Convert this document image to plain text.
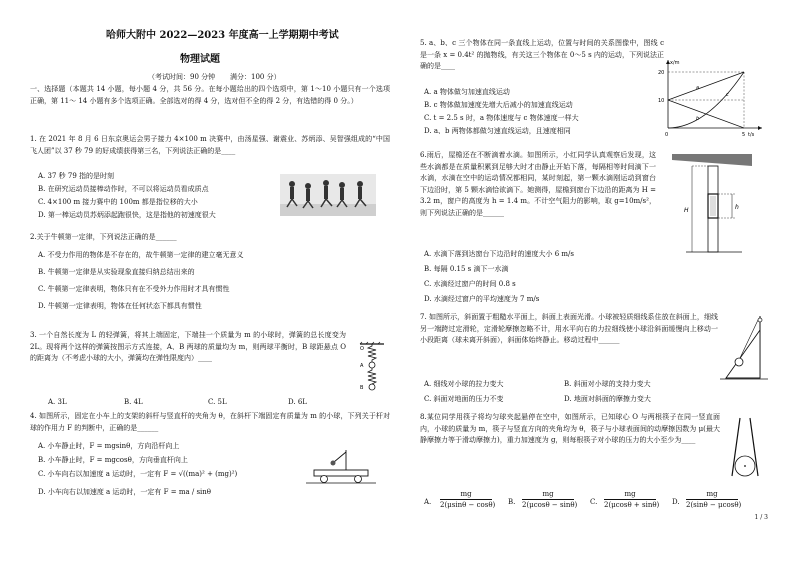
哈师大附中 2022—2023 年度高一上学期期中考试
物理试题
（考试时间：90 分钟 满分：100 分）
一、选择题（本题共 14 小题，每小题 4 分，共 56 分。在每小题给出的四个选项中，第 1～10 小题只有一个选项正确，第 11～ 14 小题有多个选项正确。全部选对的得 4 分，选对但不全的得 2 分，有选错的得 0 分。）
1. 在 2021 年 8 月 6 日东京奥运会男子接力 4×100 m 决赛中，由汤星强、谢震业、苏炳添、吴智强组成的“中国飞人团”以 37 秒 79 的好成绩获得第三名，下列说法正确的是____
A. 37 秒 79 指的是时刻
B. 在研究运动员接棒动作时，不可以将运动员看成质点
C. 4×100 m 接力赛中的 100m 都是指位移的大小
D. 第一棒运动员苏炳添起跑很快，这是指他的初速度很大
2.关于牛顿第一定律，下列说法正确的是______
A. 不受力作用的物体是不存在的，故牛顿第一定律的建立毫无意义
B. 牛顿第一定律是从实验现象直接归纳总结出来的
C. 牛顿第一定律表明，物体只有在不受外力作用时才具有惯性
D. 牛顿第一定律表明，物体在任何状态下都具有惯性
3. 一个自然长度为 L 的轻弹簧，将其上端固定，下端挂一个质量为 m 的小球时，弹簧的总长度变为 2L。现将两个这样的弹簧按图示方式连接，A、B 两球的质量均为 m，则两球平衡时，B 球距悬点 O 的距离为（不考虑小球的大小，弹簧均在弹性限度内）____
A. 3L	B. 4L	C. 5L	D. 6L
O
A
B
4. 如图所示，固定在小车上的支架的斜杆与竖直杆的夹角为 θ，在斜杆下端固定有质量为 m 的小球，下列关于杆对球的作用力 F 的判断中，正确的是______
A. 小车静止时，F = mgsinθ，方向沿杆向上
B. 小车静止时，F = mgcosθ，方向垂直杆向上
C. 小车向右以加速度 a 运动时，一定有 F = √((ma)² + (mg)²)
D. 小车向右以加速度 a 运动时，一定有 F = ma / sinθ
5. a、b、c 三个物体在同一条直线上运动，位置与时间的关系图像中，图线 c 是一条 x = 0.4t² 的抛物线，有关这三个物体在 0～5 s 内的运动，下列说法正确的是____
A. a 物体做匀加速直线运动
B. c 物体做加速度先增大后减小的加速直线运动
C. t = 2.5 s 时，a 物体速度与 c 物体速度一样大
D. a、b 两物体都做匀速直线运动，且速度相同
x/m
t/s
20
10
0	5
a
b
c
6.雨后，屋檐还在不断滴着水滴。如图所示，小红同学认真观察后发现，这些水滴都是在质量积累到足够大时才由静止开始下落，每隔相等时间滴下一水滴，水滴在空中的运动情况都相同，某时刻起，第一颗水滴刚运动到窗台下边沿时，第 5 颗水滴恰欲滴下。她测得，屋檐到窗台下边沿的距离为 H = 3.2 m，窗户的高度为 h = 1.4 m。不计空气阻力的影响，取 g=10m/s²，则下列说法正确的是______
A. 水滴下落到达窗台下边沿时的速度大小 6 m/s
B. 每隔 0.15 s 滴下一水滴
C. 水滴经过窗户的时间 0.8 s
D. 水滴经过窗户的平均速度为 7 m/s
H	h
7. 如图所示，斜面置于粗糙水平面上，斜面上表面光滑。小球被轻质细线系住放在斜面上，细线另一端跨过定滑轮，定滑轮摩擦忽略不计，用水平向右的力拉细线使小球沿斜面缓慢向上移动一小段距离（球未离开斜面），斜面体始终静止。移动过程中______
A. 细线对小球的拉力变大	B. 斜面对小球的支持力变大
C. 斜面对地面的压力不变	D. 地面对斜面的摩擦力变大
8.某位同学用筷子将均匀球夹起悬停在空中，如图所示，已知球心 O 与两根筷子在同一竖直面内，小球的质量为 m，筷子与竖直方向的夹角均为 θ，筷子与小球表面间的动摩擦因数为 μ(最大静摩擦力等于滑动摩擦力)，重力加速度为 g，则每根筷子对小球的压力的大小至少为____
A.
mg
2(μsinθ − cosθ) B.
mg
2(μcosθ − sinθ) C.
mg
2(μcosθ + sinθ) D.
mg
2(sinθ − μcosθ)
1 / 3
